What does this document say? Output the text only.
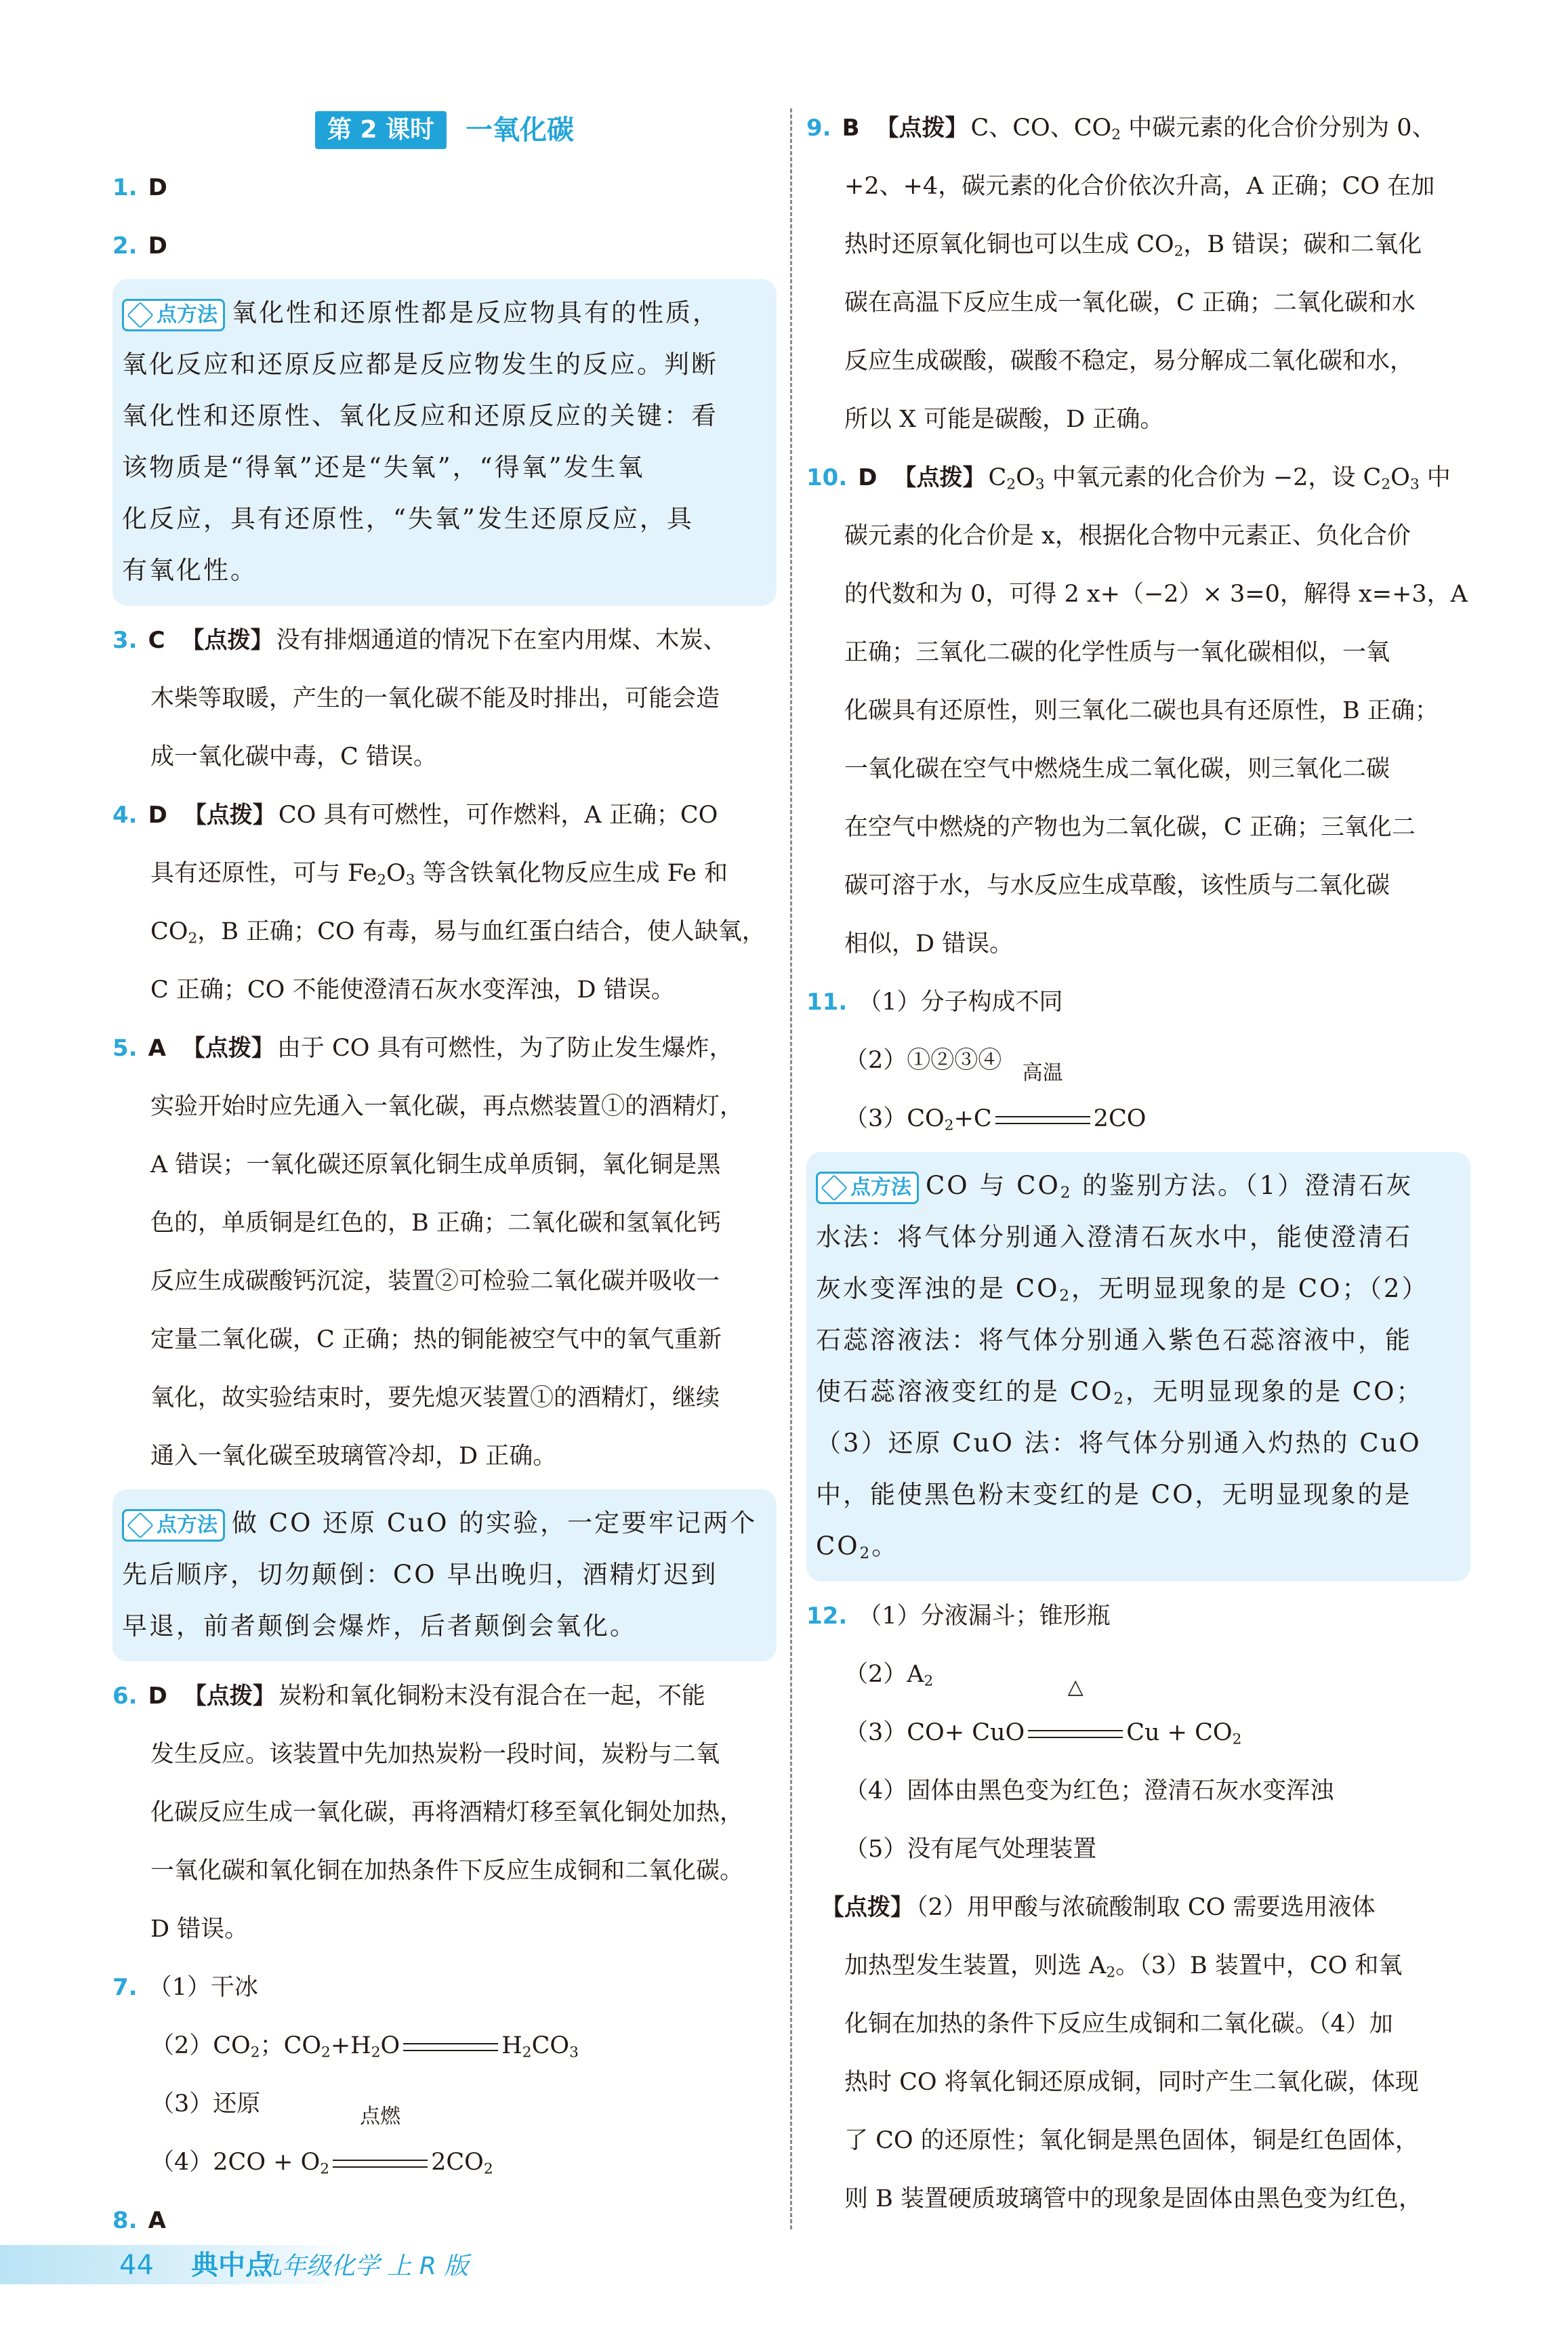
第 2 课时 一氧化碳
1. D
2. D
点方法 氧化性和还原性都是反应物具有的性质，
氧化反应和还原反应都是反应物发生的反应。判断
氧化性和还原性、氧化反应和还原反应的关键：看
该物质是“得氧”还是“失氧”，“得氧”发生氧
化反应，具有还原性，“失氧”发生还原反应，具
有氧化性。

3. C 【点拨】 没有排烟通道的情况下在室内用煤、木炭、

木柴等取暖，产生的一氧化碳不能及时排出，可能会造

成一氧化碳中毒，C 错误。

4. D 【点拨】 CO 具有可燃性，可作燃料，A 正确；CO

具有还原性，可与 $Fe_2O_3$ 等含铁氧化物反应生成 Fe 和

$CO_2$，B 正确；CO 有毒，易与血红蛋白结合，使人缺氧，

C 正确；CO 不能使澄清石灰水变浑浊，D 错误。

5. A 【点拨】 由于 CO 具有可燃性，为了防止发生爆炸，

实验开始时应先通入一氧化碳，再点燃装置①的酒精灯，

A 错误；一氧化碳还原氧化铜生成单质铜，氧化铜是黑

色的，单质铜是红色的，B 正确；二氧化碳和氢氧化钙

反应生成碳酸钙沉淀，装置②可检验二氧化碳并吸收一

定量二氧化碳，C 正确；热的铜能被空气中的氧气重新

氧化，故实验结束时，要先熄灭装置①的酒精灯，继续

通入一氧化碳至玻璃管冷却，D 正确。

点方法 做 CO 还原 CuO 的实验，一定要牢记两个
先后顺序，切勿颠倒：CO 早出晚归，酒精灯迟到
早退，前者颠倒会爆炸，后者颠倒会氧化。

6. D 【点拨】 炭粉和氧化铜粉末没有混合在一起，不能

发生反应。该装置中先加热炭粉一段时间，炭粉与二氧

化碳反应生成一氧化碳，再将酒精灯移至氧化铜处加热，

一氧化碳和氧化铜在加热条件下反应生成铜和二氧化碳。

D 错误。

7. （1）干冰

$(2)CO_2$；$CO_2+H_2O$	$H_2CO_3$

（3）还原

$(4)2CO + O_2$
点燃
$2CO_2$

8. A

9. B 【点拨】 C、CO、$CO_2$ 中碳元素的化合价分别为 0、

+2、+4，碳元素的化合价依次升高，A 正确；CO 在加

热时还原氧化铜也可以生成 $CO_2$，B 错误；碳和二氧化

碳在高温下反应生成一氧化碳，C 正确；二氧化碳和水

反应生成碳酸，碳酸不稳定，易分解成二氧化碳和水，

所以 X 可能是碳酸，D 正确。

10. D 【点拨】 $C_2O_3$ 中氧元素的化合价为 −2，设 $C_2O_3$ 中

碳元素的化合价是 x，根据化合物中元素正、负化合价

的代数和为 0，可得 2 x+（−2）× 3=0，解得 x=+3，A

正确；三氧化二碳的化学性质与一氧化碳相似，一氧

化碳具有还原性，则三氧化二碳也具有还原性，B 正确；

一氧化碳在空气中燃烧生成二氧化碳，则三氧化二碳

在空气中燃烧的产物也为二氧化碳，C 正确；三氧化二

碳可溶于水，与水反应生成草酸，该性质与二氧化碳

相似，D 错误。

11. （1）分子构成不同

（2）①②③④

$(3)CO_2+C$
高温
2CO

点方法 CO 与 $CO_2$ 的鉴别方法。（1）澄清石灰
水法：将气体分别通入澄清石灰水中，能使澄清石
灰水变浑浊的是 $CO_2$，无明显现象的是 CO；（2）
石蕊溶液法：将气体分别通入紫色石蕊溶液中，能
使石蕊溶液变红的是 $CO_2$，无明显现象的是 CO；
（3）还原 CuO 法：将气体分别通入灼热的 CuO
中，能使黑色粉末变红的是 CO，无明显现象的是
$CO_2$。

12. （1）分液漏斗；锥形瓶

$(2)A_2$

（3）CO+ CuO
△
$Cu + CO_2$

（4）固体由黑色变为红色；澄清石灰水变浑浊

（5）没有尾气处理装置

【点拨】 （2）用甲酸与浓硫酸制取 CO 需要选用液体

加热型发生装置，则选 $A_2$。（3）B 装置中，CO 和氧

化铜在加热的条件下反应生成铜和二氧化碳。（4）加

热时 CO 将氧化铜还原成铜，同时产生二氧化碳，体现

了 CO 的还原性；氧化铜是黑色固体，铜是红色固体，

则 B 装置硬质玻璃管中的现象是固体由黑色变为红色，

44 典中点
九年级化学 上 R 版
